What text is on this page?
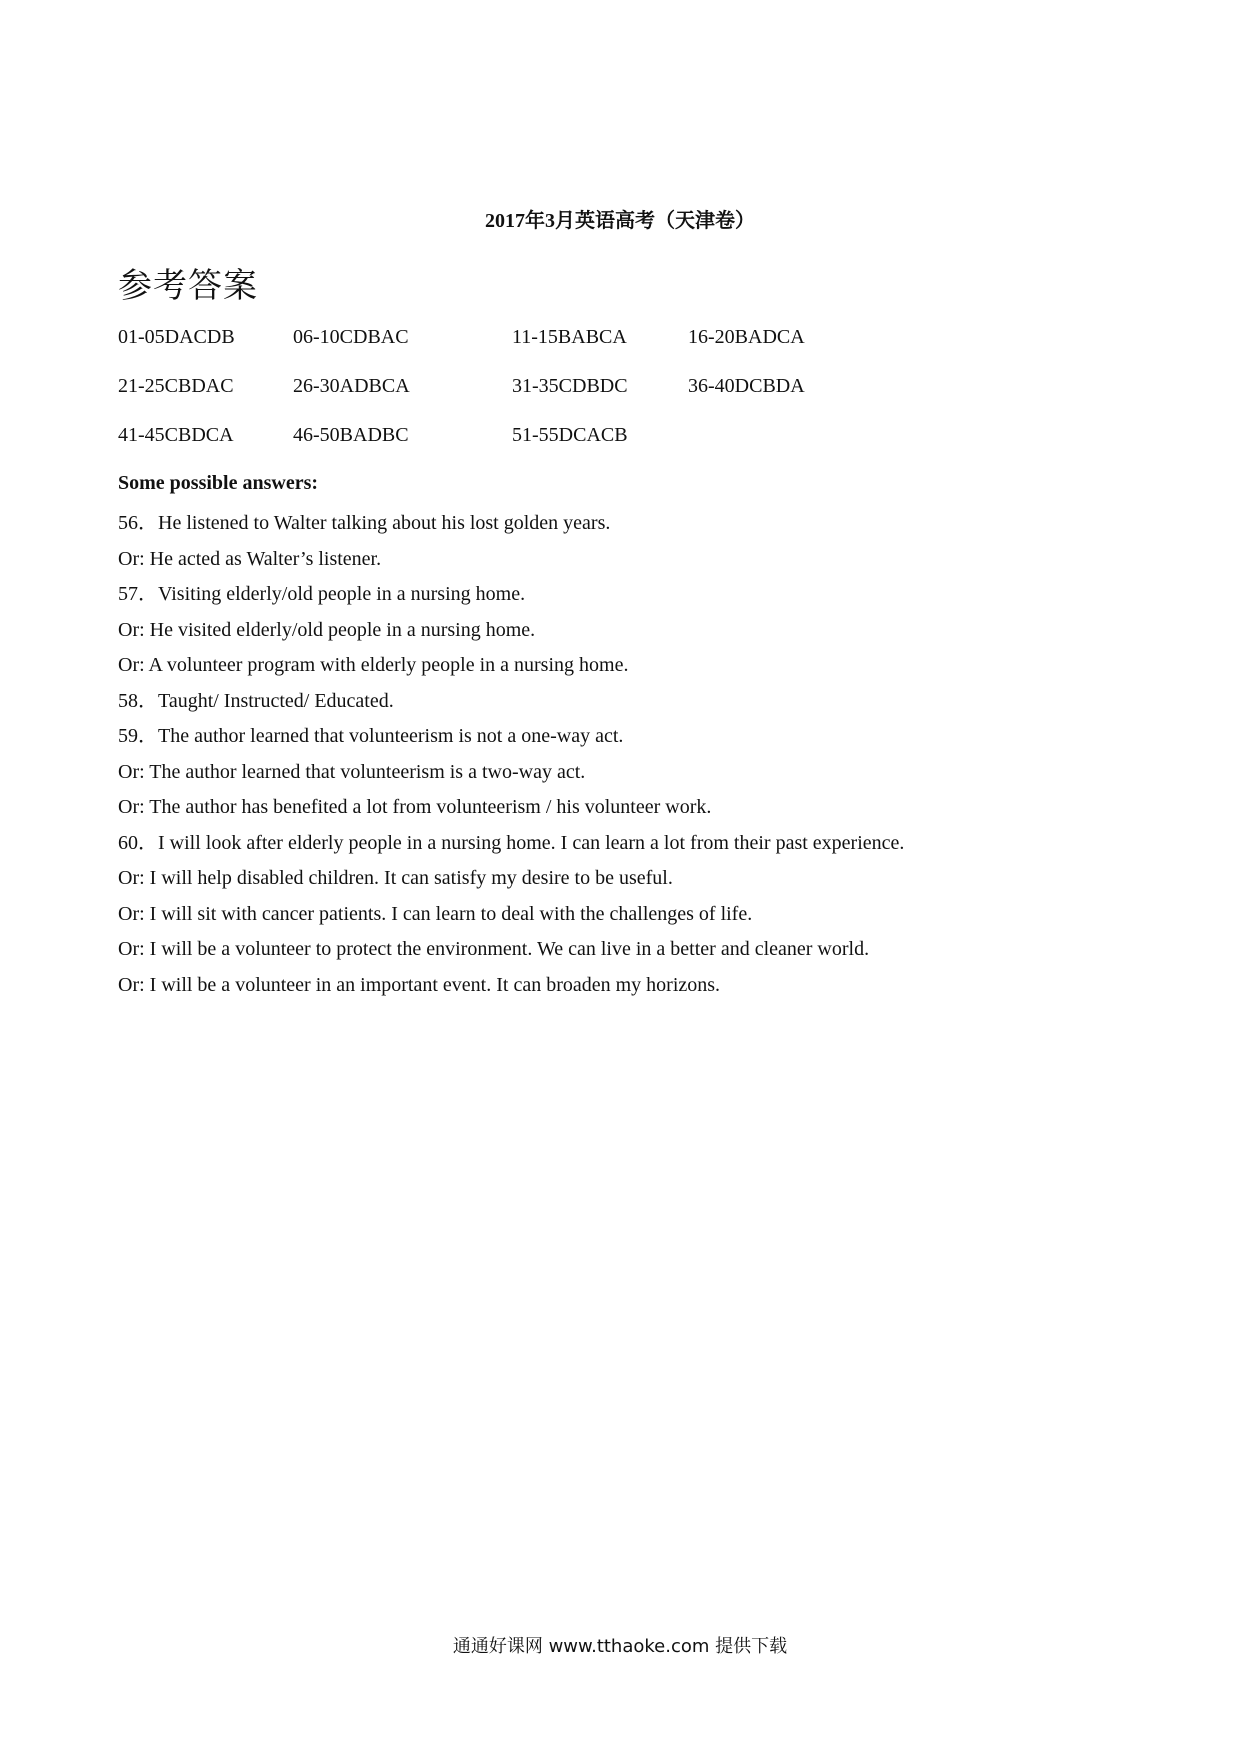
2017年3月英语高考（天津卷）
参考答案
01-05DACDB	06-10CDBAC	11-15BABCA	16-20BADCA
21-25CBDAC	26-30ADBCA	31-35CDBDC	36-40DCBDA
41-45CBDCA	46-50BADBC	51-55DCACB
Some possible answers:

56．He listened to Walter talking about his lost golden years.

Or: He acted as Walter’s listener.

57．Visiting elderly/old people in a nursing home.

Or: He visited elderly/old people in a nursing home.

Or: A volunteer program with elderly people in a nursing home.

58．Taught/ Instructed/ Educated.

59．The author learned that volunteerism is not a one-way act.

Or: The author learned that volunteerism is a two-way act.

Or: The author has benefited a lot from volunteerism / his volunteer work.

60．I will look after elderly people in a nursing home. I can learn a lot from their past experience.

Or: I will help disabled children. It can satisfy my desire to be useful.

Or: I will sit with cancer patients. I can learn to deal with the challenges of life.

Or: I will be a volunteer to protect the environment. We can live in a better and cleaner world.

Or: I will be a volunteer in an important event. It can broaden my horizons.

通通好课网 www.tthaoke.com 提供下载
